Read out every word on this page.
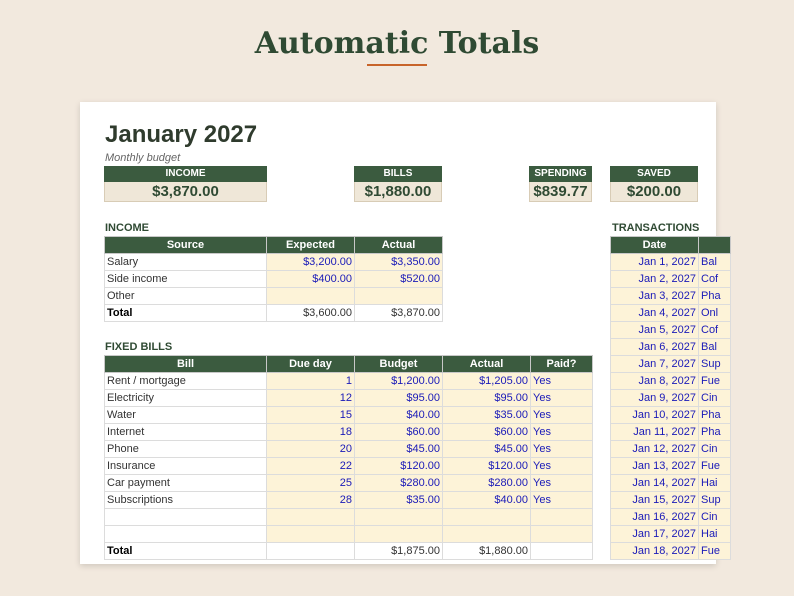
Automatic Totals
January 2027
Monthly budget
INCOME
$3,870.00
BILLS
$1,880.00
SPENDING
$839.77
SAVED
$200.00
INCOME
Source	Expected	Actual
Salary	$3,200.00	$3,350.00
Side income	$400.00	$520.00
Other		
Total	$3,600.00	$3,870.00
FIXED BILLS
Bill	Due day	Budget	Actual	Paid?
Rent / mortgage	1	$1,200.00	$1,205.00	Yes
Electricity	12	$95.00	$95.00	Yes
Water	15	$40.00	$35.00	Yes
Internet	18	$60.00	$60.00	Yes
Phone	20	$45.00	$45.00	Yes
Insurance	22	$120.00	$120.00	Yes
Car payment	25	$280.00	$280.00	Yes
Subscriptions	28	$35.00	$40.00	Yes

Total		$1,875.00	$1,880.00	
TRANSACTIONS
Date	
Jan 1, 2027	Bal
Jan 2, 2027	Cof
Jan 3, 2027	Pha
Jan 4, 2027	Onl
Jan 5, 2027	Cof
Jan 6, 2027	Bal
Jan 7, 2027	Sup
Jan 8, 2027	Fue
Jan 9, 2027	Cin
Jan 10, 2027	Pha
Jan 11, 2027	Pha
Jan 12, 2027	Cin
Jan 13, 2027	Fue
Jan 14, 2027	Hai
Jan 15, 2027	Sup
Jan 16, 2027	Cin
Jan 17, 2027	Hai
Jan 18, 2027	Fue
